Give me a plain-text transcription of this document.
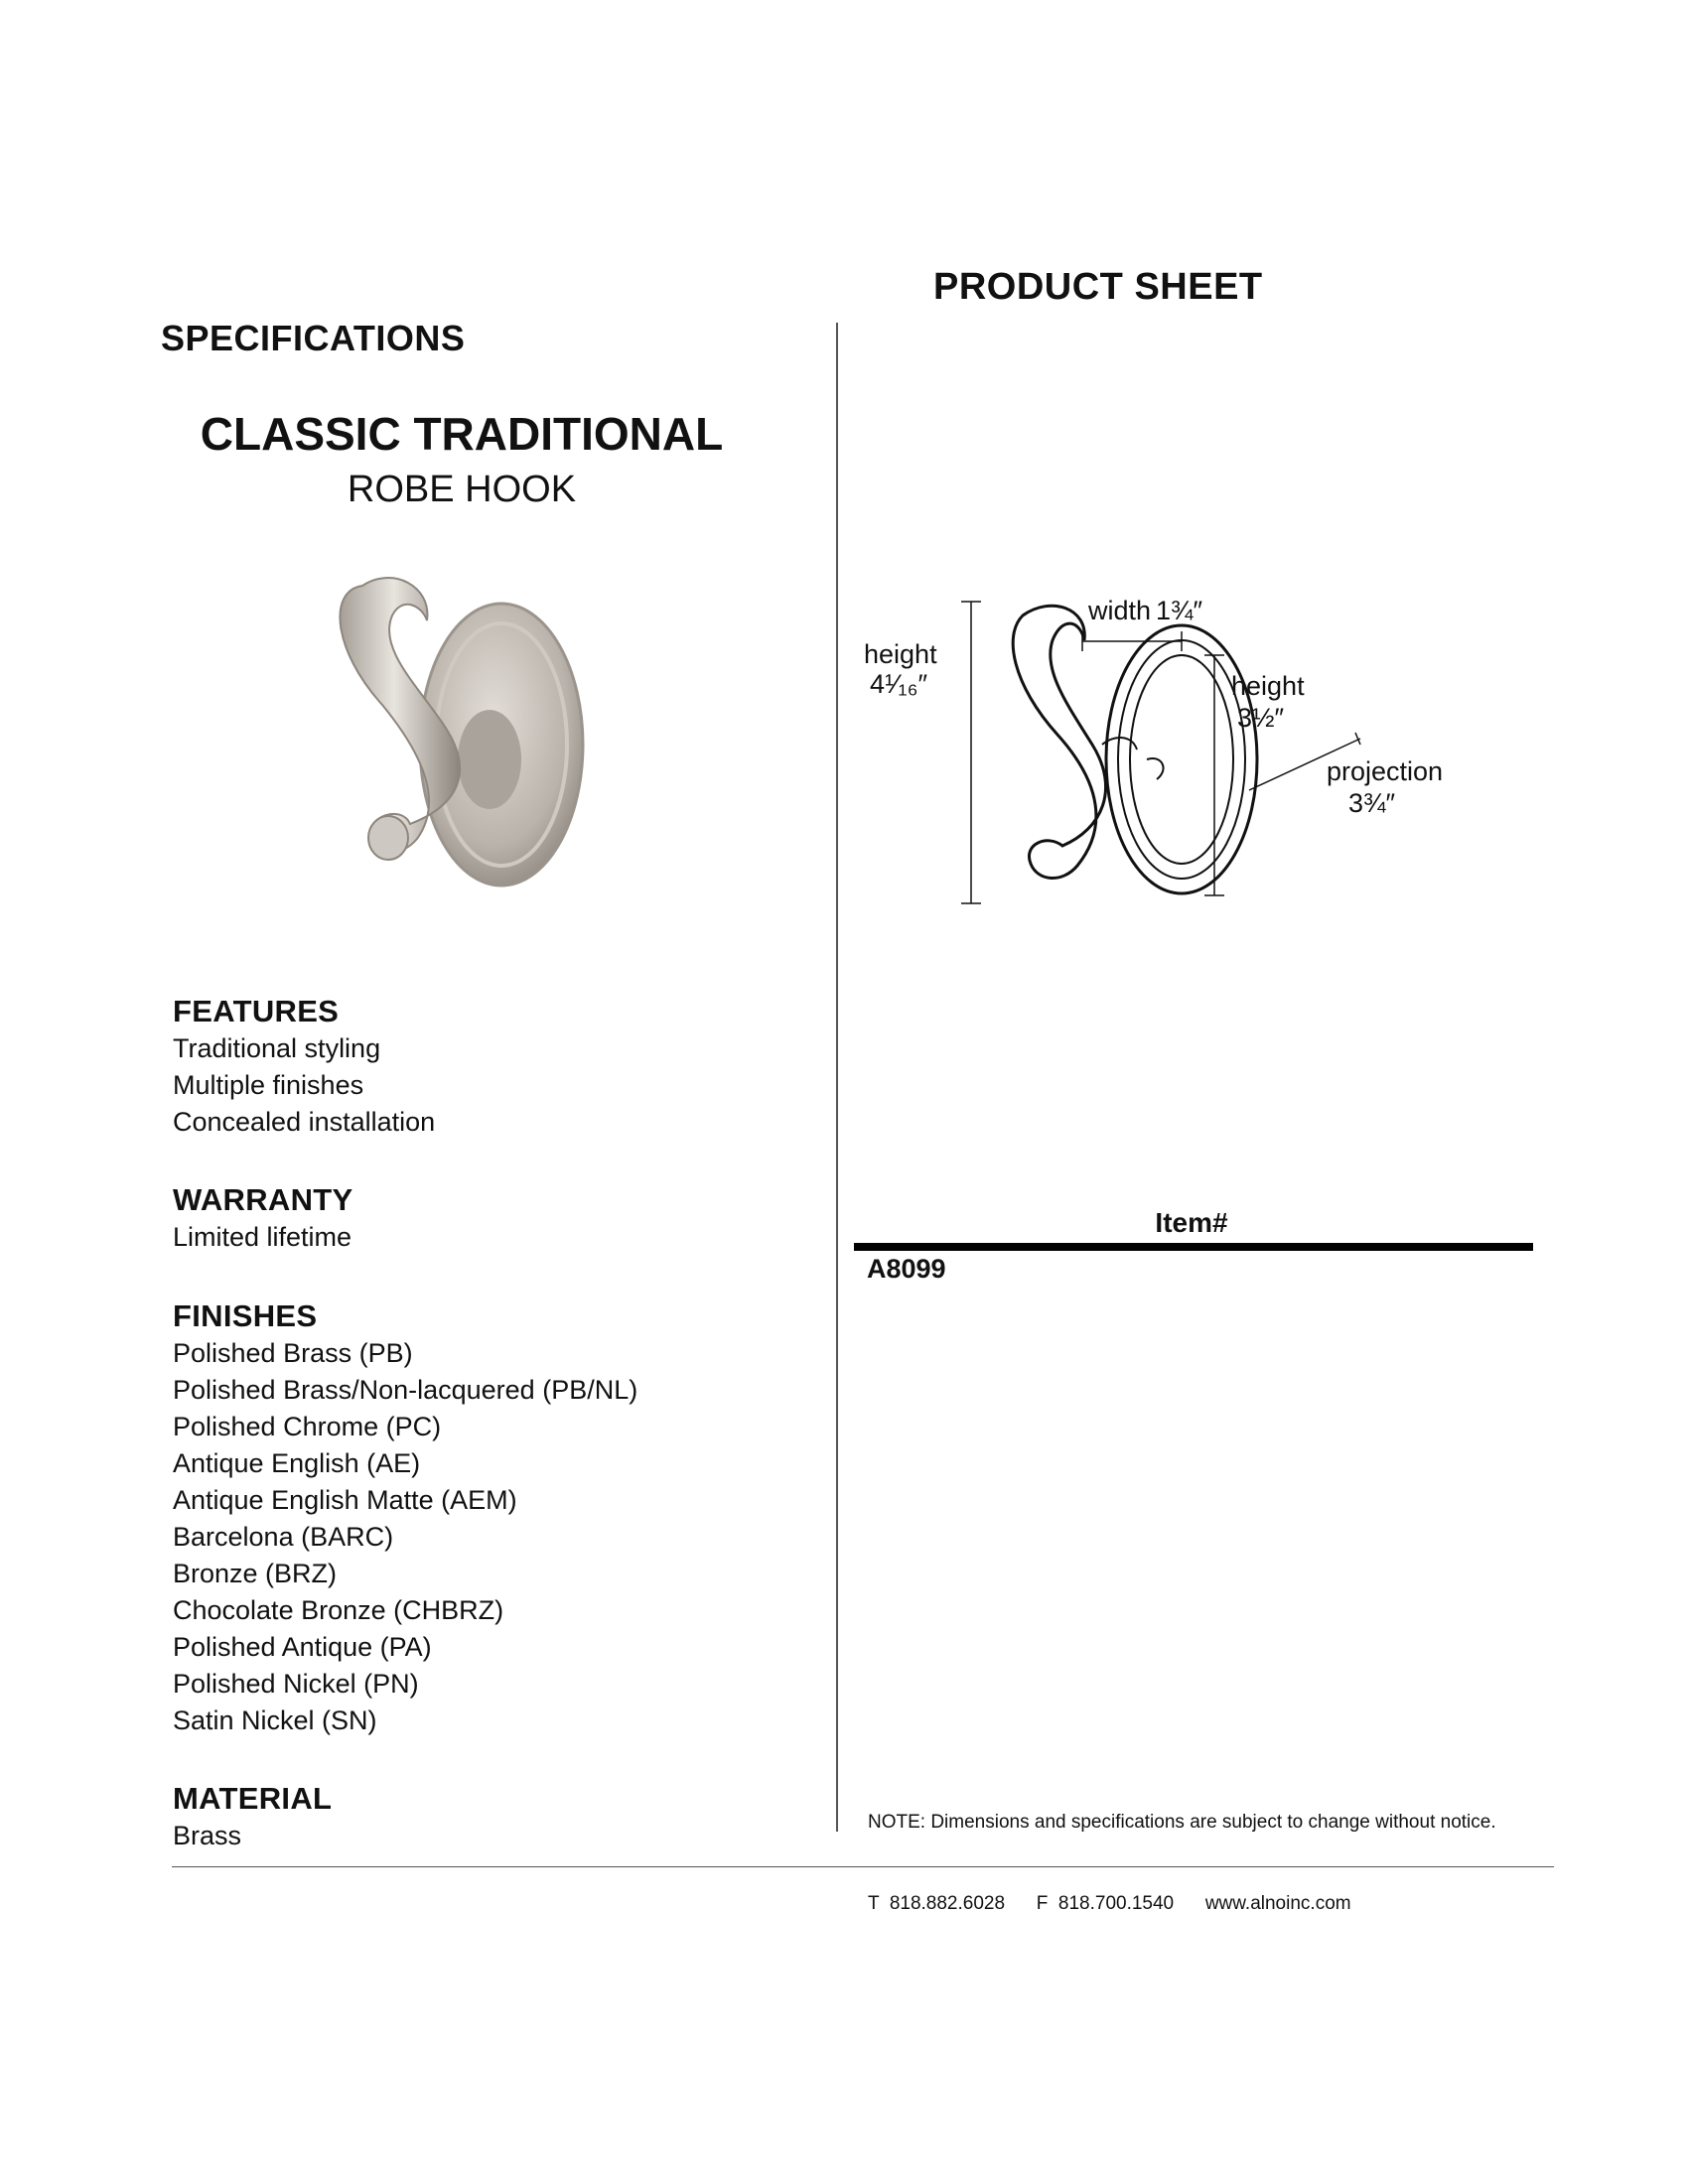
PRODUCT SHEET
SPECIFICATIONS
CLASSIC TRADITIONAL
ROBE HOOK
height
4¹⁄₁₆″
width 1¾″
height
3½″
projection
3¾″
FEATURES
Traditional styling
Multiple finishes
Concealed installation
WARRANTY
Limited lifetime
FINISHES
Polished Brass (PB)
Polished Brass/Non-lacquered (PB/NL)
Polished Chrome (PC)
Antique English (AE)
Antique English Matte (AEM)
Barcelona (BARC)
Bronze (BRZ)
Chocolate Bronze (CHBRZ)
Polished Antique (PA)
Polished Nickel (PN)
Satin Nickel (SN)
MATERIAL
Brass
Item#
A8099
NOTE: Dimensions and specifications are subject to change without notice.
T  818.882.6028 F  818.700.1540 www.alnoinc.com
